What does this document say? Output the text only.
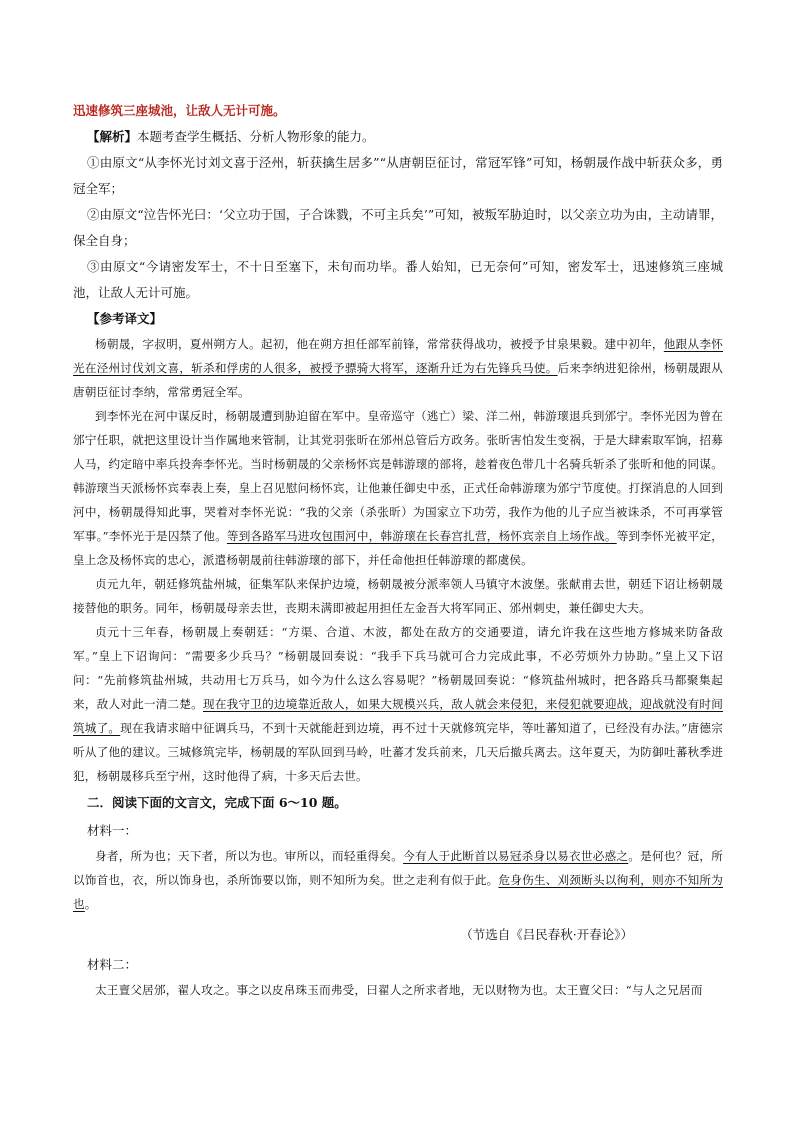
迅速修筑三座城池，让敌人无计可施。

【解析】本题考查学生概括、分析人物形象的能力。

①由原文“从李怀光讨刘文喜于泾州，斩获擒生居多”“从唐朝臣征讨，常冠军锋”可知，杨朝晟作战中斩获众多，勇冠全军；

②由原文“泣告怀光曰：‘父立功于国，子合诛戮，不可主兵矣’”可知，被叛军胁迫时，以父亲立功为由，主动请罪，保全自身；

③由原文“今请密发军士，不十日至塞下，未旬而功毕。番人始知，已无奈何”可知，密发军士，迅速修筑三座城池，让敌人无计可施。

【参考译文】

杨朝晟，字叔明，夏州朔方人。起初，他在朔方担任部军前锋，常常获得战功，被授予甘泉果毅。建中初年，他跟从李怀光在泾州讨伐刘文喜，斩杀和俘虏的人很多，被授予骠骑大将军，逐渐升迁为右先锋兵马使。后来李纳进犯徐州，杨朝晟跟从唐朝臣征讨李纳，常常勇冠全军。

到李怀光在河中谋反时，杨朝晟遭到胁迫留在军中。皇帝巡守（逃亡）梁、洋二州，韩游瓌退兵到邠宁。李怀光因为曾在邠宁任职，就把这里设计当作属地来管制，让其党羽张昕在邠州总管后方政务。张昕害怕发生变祸，于是大肆索取军饷，招募人马，约定暗中率兵投奔李怀光。当时杨朝晟的父亲杨怀宾是韩游瓌的部将，趁着夜色带几十名骑兵斩杀了张昕和他的同谋。韩游瓌当天派杨怀宾奉表上奏，皇上召见慰问杨怀宾，让他兼任御史中丞，正式任命韩游瓌为邠宁节度使。打探消息的人回到河中，杨朝晟得知此事，哭着对李怀光说：“我的父亲（杀张昕）为国家立下功劳，我作为他的儿子应当被诛杀，不可再掌管军事。”李怀光于是囚禁了他。等到各路军马进攻包围河中，韩游瓌在长春宫扎营，杨怀宾亲自上场作战。等到李怀光被平定，皇上念及杨怀宾的忠心，派遣杨朝晟前往韩游瓌的部下，并任命他担任韩游瓌的都虞侯。

贞元九年，朝廷修筑盐州城，征集军队来保护边境，杨朝晟被分派率领人马镇守木波堡。张献甫去世，朝廷下诏让杨朝晟接替他的职务。同年，杨朝晟母亲去世，丧期未满即被起用担任左金吾大将军同正、邠州刺史，兼任御史大夫。

贞元十三年春，杨朝晟上奏朝廷：“方渠、合道、木波，都处在敌方的交通要道，请允许我在这些地方修城来防备敌军。”皇上下诏询问：“需要多少兵马？”杨朝晟回奏说：“我手下兵马就可合力完成此事，不必劳烦外力协助。”皇上又下诏问：“先前修筑盐州城，共动用七万兵马，如今为什么这么容易呢？”杨朝晟回奏说：“修筑盐州城时，把各路兵马都聚集起来，敌人对此一清二楚。现在我守卫的边境靠近敌人，如果大规模兴兵，敌人就会来侵犯，来侵犯就要迎战，迎战就没有时间筑城了。现在我请求暗中征调兵马，不到十天就能赶到边境，再不过十天就修筑完毕，等吐蕃知道了，已经没有办法。”唐德宗听从了他的建议。三城修筑完毕，杨朝晟的军队回到马岭，吐蕃才发兵前来，几天后撤兵离去。这年夏天，为防御吐蕃秋季进犯，杨朝晟移兵至宁州，这时他得了病，十多天后去世。

二．阅读下面的文言文，完成下面 6～10 题。

材料一：

身者，所为也；天下者，所以为也。审所以，而轻重得矣。今有人于此断首以易冠杀身以易衣世必惑之。是何也？冠，所以饰首也，衣，所以饰身也，杀所饰要以饰，则不知所为矣。世之走利有似于此。危身伤生、刈颈断头以徇利，则亦不知所为也。

（节选自《吕民春秋·开春论》）

材料二：

太王亶父居邠，翟人攻之。事之以皮帛珠玉而弗受，曰翟人之所求者地，无以财物为也。太王亶父曰：“与人之兄居而
